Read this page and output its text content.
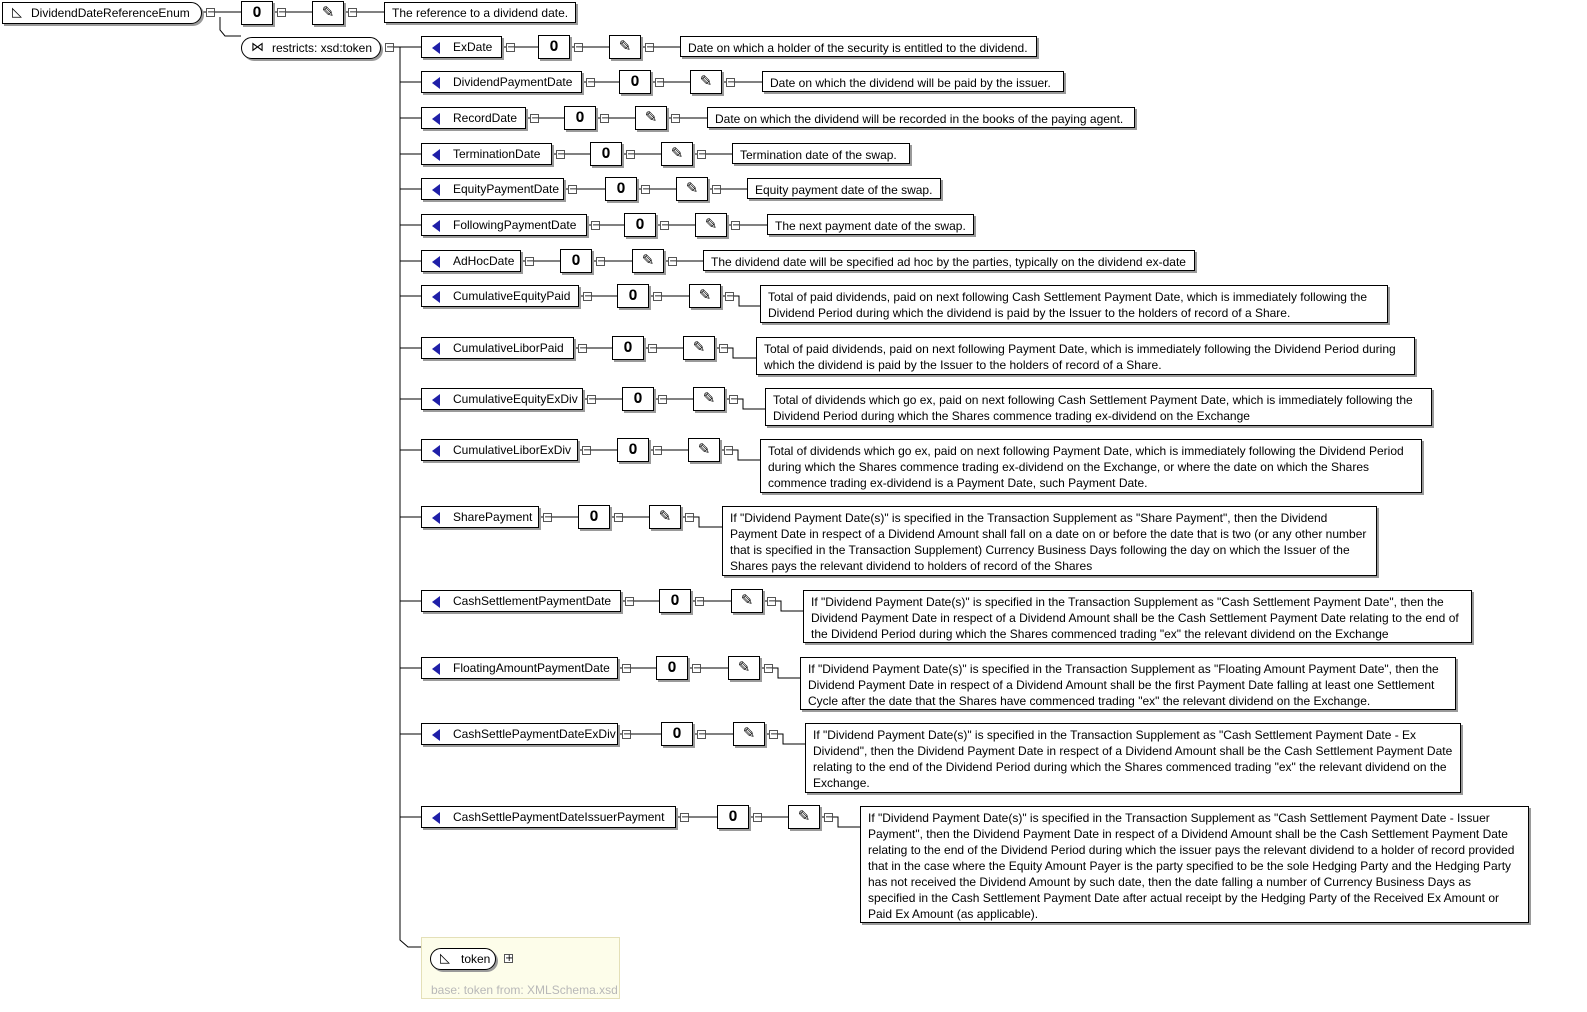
◺ DividendDateReferenceEnum	−	𝟎	−	✎	−	The reference to a dividend date.
⋈ restricts: xsd:token	−	ExDate	−	𝟎	−	✎	−	Date on which a holder of the security is entitled to the dividend.
DividendPaymentDate	−	𝟎	−	✎	−	Date on which the dividend will be paid by the issuer.
RecordDate	−	𝟎	−	✎	−	Date on which the dividend will be recorded in the books of the paying agent.
TerminationDate	−	𝟎	−	✎	−	Termination date of the swap.
EquityPaymentDate −	𝟎	−	✎	−	Equity payment date of the swap.
FollowingPaymentDate	−	𝟎	−	✎	−	The next payment date of the swap.
AdHocDate	−	𝟎	−	✎	−	The dividend date will be specified ad hoc by the parties, typically on the dividend ex-date
CumulativeEquityPaid	−	𝟎	−	✎	−	Total of paid dividends, paid on next following Cash Settlement Payment Date, which is immediately following the Dividend Period during which the dividend is paid by the Issuer to the holders of record of a Share.
CumulativeLiborPaid	−	𝟎	−	✎	−	Total of paid dividends, paid on next following Payment Date, which is immediately following the Dividend Period during which the dividend is paid by the Issuer to the holders of record of a Share.
CumulativeEquityExDiv	−	𝟎	−	✎	−	Total of dividends which go ex, paid on next following Cash Settlement Payment Date, which is immediately following the Dividend Period during which the Shares commence trading ex-dividend on the Exchange
CumulativeLiborExDiv	−	𝟎	−	✎	−	Total of dividends which go ex, paid on next following Payment Date, which is immediately following the Dividend Period during which the Shares commence trading ex-dividend on the Exchange, or where the date on which the Shares commence trading ex-dividend is a Payment Date, such Payment Date.
SharePayment	−	𝟎	−	✎	−	If "Dividend Payment Date(s)" is specified in the Transaction Supplement as "Share Payment", then the Dividend Payment Date in respect of a Dividend Amount shall fall on a date on or before the date that is two (or any other number that is specified in the Transaction Supplement) Currency Business Days following the day on which the Issuer of the Shares pays the relevant dividend to holders of record of the Shares
CashSettlementPaymentDate	−	𝟎	−	✎	−	If "Dividend Payment Date(s)" is specified in the Transaction Supplement as "Cash Settlement Payment Date", then the Dividend Payment Date in respect of a Dividend Amount shall be the Cash Settlement Payment Date relating to the end of the Dividend Period during which the Shares commenced trading "ex" the relevant dividend on the Exchange
FloatingAmountPaymentDate	−	𝟎	−	✎	−	If "Dividend Payment Date(s)" is specified in the Transaction Supplement as "Floating Amount Payment Date", then the Dividend Payment Date in respect of a Dividend Amount shall be the first Payment Date falling at least one Settlement Cycle after the date that the Shares have commenced trading "ex" the relevant dividend on the Exchange.
CashSettlePaymentDateExDiv −	𝟎	−	✎	−	If "Dividend Payment Date(s)" is specified in the Transaction Supplement as "Cash Settlement Payment Date - Ex Dividend", then the Dividend Payment Date in respect of a Dividend Amount shall be the Cash Settlement Payment Date relating to the end of the Dividend Period during which the Shares commenced trading "ex" the relevant dividend on the Exchange.
CashSettlePaymentDateIssuerPayment	−	𝟎	−	✎	−	If "Dividend Payment Date(s)" is specified in the Transaction Supplement as "Cash Settlement Payment Date - Issuer Payment", then the Dividend Payment Date in respect of a Dividend Amount shall be the Cash Settlement Payment Date relating to the end of the Dividend Period during which the issuer pays the relevant dividend to a holder of record provided that in the case where the Equity Amount Payer is the party specified to be the sole Hedging Party and the Hedging Party has not received the Dividend Amount by such date, then the date falling a number of Currency Business Days as specified in the Cash Settlement Payment Date after actual receipt by the Hedging Party of the Received Ex Amount or Paid Ex Amount (as applicable).
◺ token	+
base: token from: XMLSchema.xsd
